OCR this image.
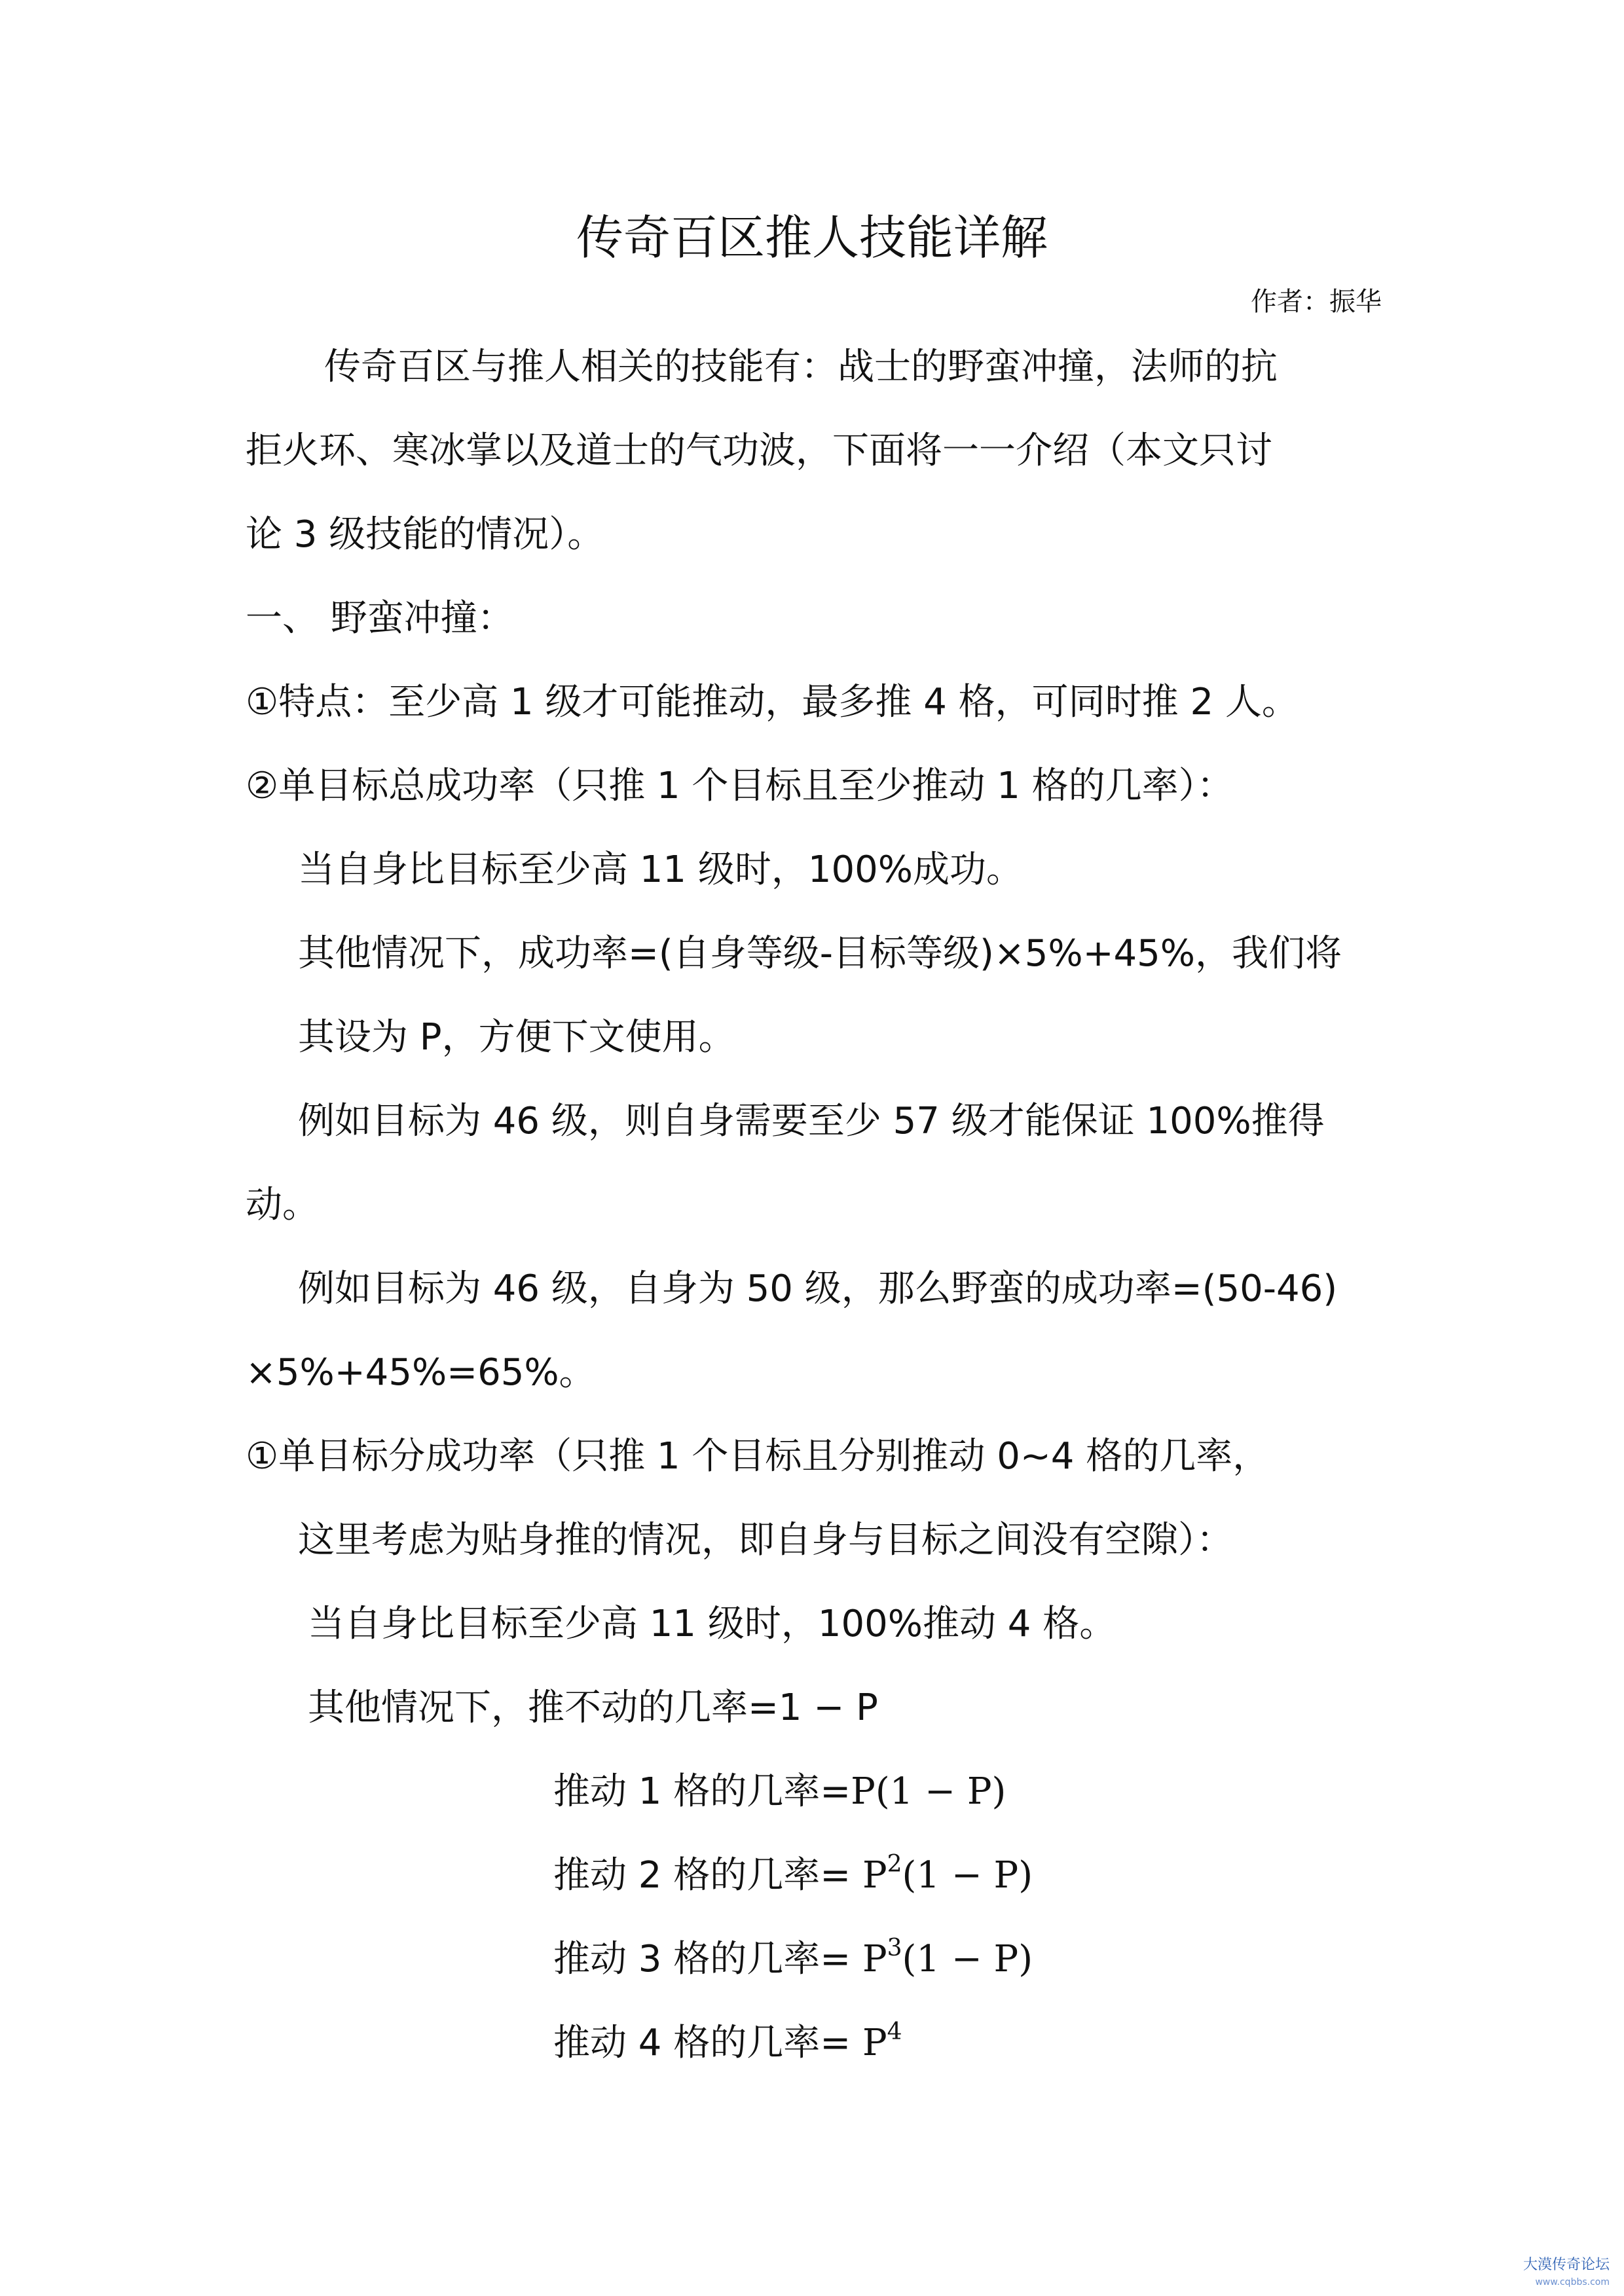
传奇百区推人技能详解
作者：振华
传奇百区与推人相关的技能有：战士的野蛮冲撞，法师的抗
拒火环、寒冰掌以及道士的气功波，下面将一一介绍（本文只讨
论 3 级技能的情况）。
一、 野蛮冲撞：
①特点：至少高 1 级才可能推动，最多推 4 格，可同时推 2 人。
②单目标总成功率（只推 1 个目标且至少推动 1 格的几率）：
当自身比目标至少高 11 级时，100%成功。
其他情况下，成功率=(自身等级-目标等级)×5%+45%，我们将
其设为 P，方便下文使用。
例如目标为 46 级，则自身需要至少 57 级才能保证 100%推得
动。
例如目标为 46 级，自身为 50 级，那么野蛮的成功率=(50-46)
×5%+45%=65%。
①单目标分成功率（只推 1 个目标且分别推动 0~4 格的几率，
这里考虑为贴身推的情况，即自身与目标之间没有空隙）：
当自身比目标至少高 11 级时，100%推动 4 格。
其他情况下，推不动的几率=1 − P
推动 1 格的几率=P(1 − P)
推动 2 格的几率= $P^2(1 - P)$
推动 3 格的几率= $P^3(1 - P)$
推动 4 格的几率= $P^4$
大漠传奇论坛
www.cqbbs.com
